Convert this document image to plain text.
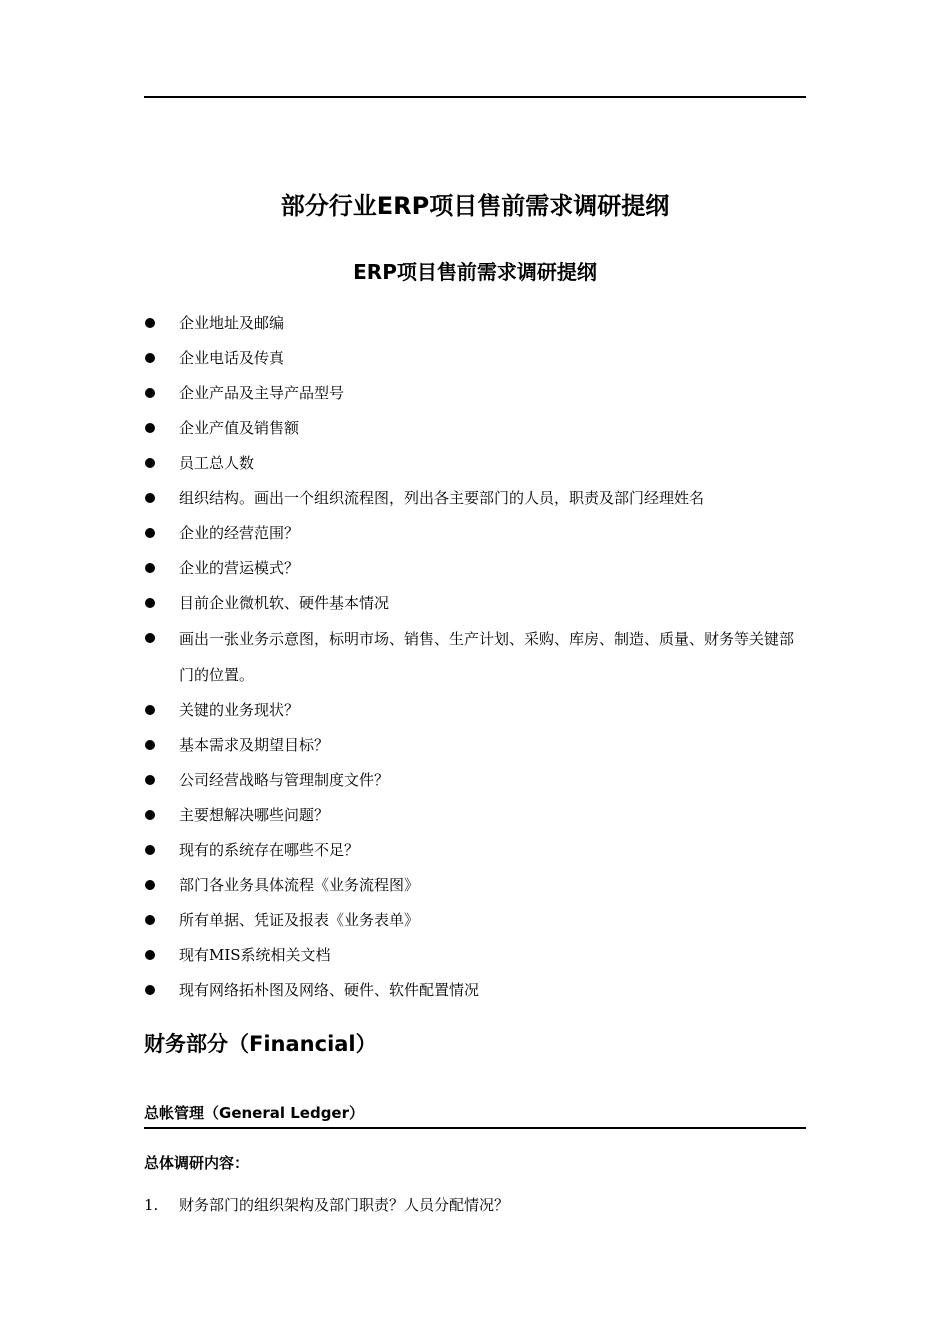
部分行业ERP项目售前需求调研提纲
ERP项目售前需求调研提纲
企业地址及邮编
企业电话及传真
企业产品及主导产品型号
企业产值及销售额
员工总人数
组织结构。画出一个组织流程图，列出各主要部门的人员，职责及部门经理姓名
企业的经营范围？
企业的营运模式？
目前企业微机软、硬件基本情况
画出一张业务示意图，标明市场、销售、生产计划、采购、库房、制造、质量、财务等关键部门的位置。
关键的业务现状？
基本需求及期望目标？
公司经营战略与管理制度文件？
主要想解决哪些问题？
现有的系统存在哪些不足？
部门各业务具体流程《业务流程图》
所有单据、凭证及报表《业务表单》
现有MIS系统相关文档
现有网络拓朴图及网络、硬件、软件配置情况
财务部分（Financial）
总帐管理（General Ledger）
总体调研内容：
1. 财务部门的组织架构及部门职责？人员分配情况？
